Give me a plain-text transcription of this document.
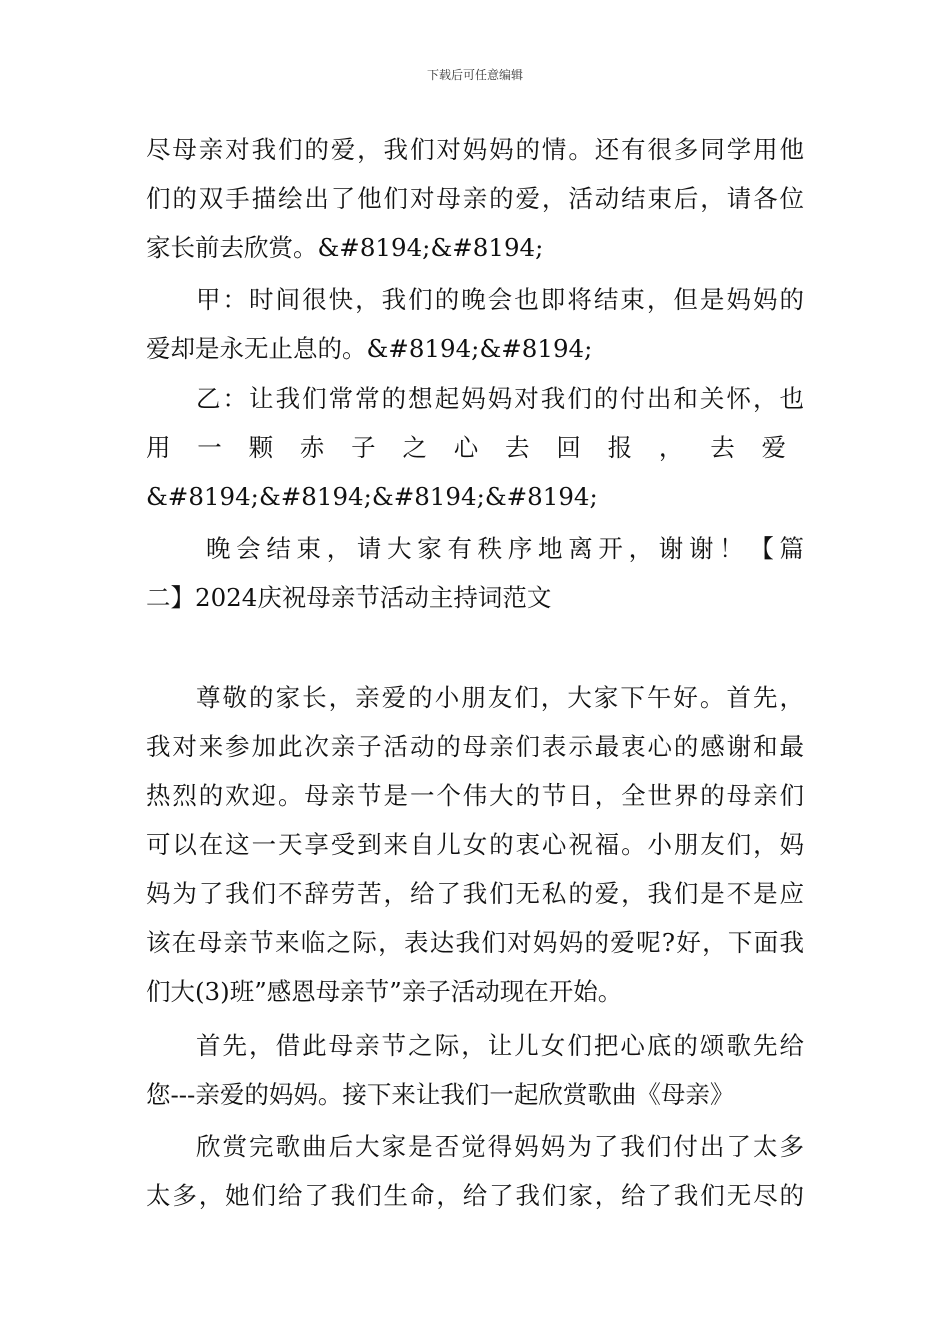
下载后可任意编辑
尽母亲对我们的爱，我们对妈妈的情。还有很多同学用他
们的双手描绘出了他们对母亲的爱，活动结束后，请各位
家长前去欣赏。&#8194;&#8194;
甲：时间很快，我们的晚会也即将结束，但是妈妈的
爱却是永无止息的。&#8194;&#8194;
乙：让我们常常的想起妈妈对我们的付出和关怀，也
用一颗赤子之心去回报，去爱
&#8194;&#8194;&#8194;&#8194;
晚会结束，请大家有秩序地离开，谢谢！【篇
二】2024庆祝母亲节活动主持词范文
尊敬的家长，亲爱的小朋友们，大家下午好。首先，
我对来参加此次亲子活动的母亲们表示最衷心的感谢和最
热烈的欢迎。母亲节是一个伟大的节日，全世界的母亲们
可以在这一天享受到来自儿女的衷心祝福。小朋友们，妈
妈为了我们不辞劳苦，给了我们无私的爱，我们是不是应
该在母亲节来临之际，表达我们对妈妈的爱呢?好，下面我
们大(3)班”感恩母亲节”亲子活动现在开始。
首先，借此母亲节之际，让儿女们把心底的颂歌先给
您---亲爱的妈妈。接下来让我们一起欣赏歌曲《母亲》
欣赏完歌曲后大家是否觉得妈妈为了我们付出了太多
太多，她们给了我们生命，给了我们家，给了我们无尽的
